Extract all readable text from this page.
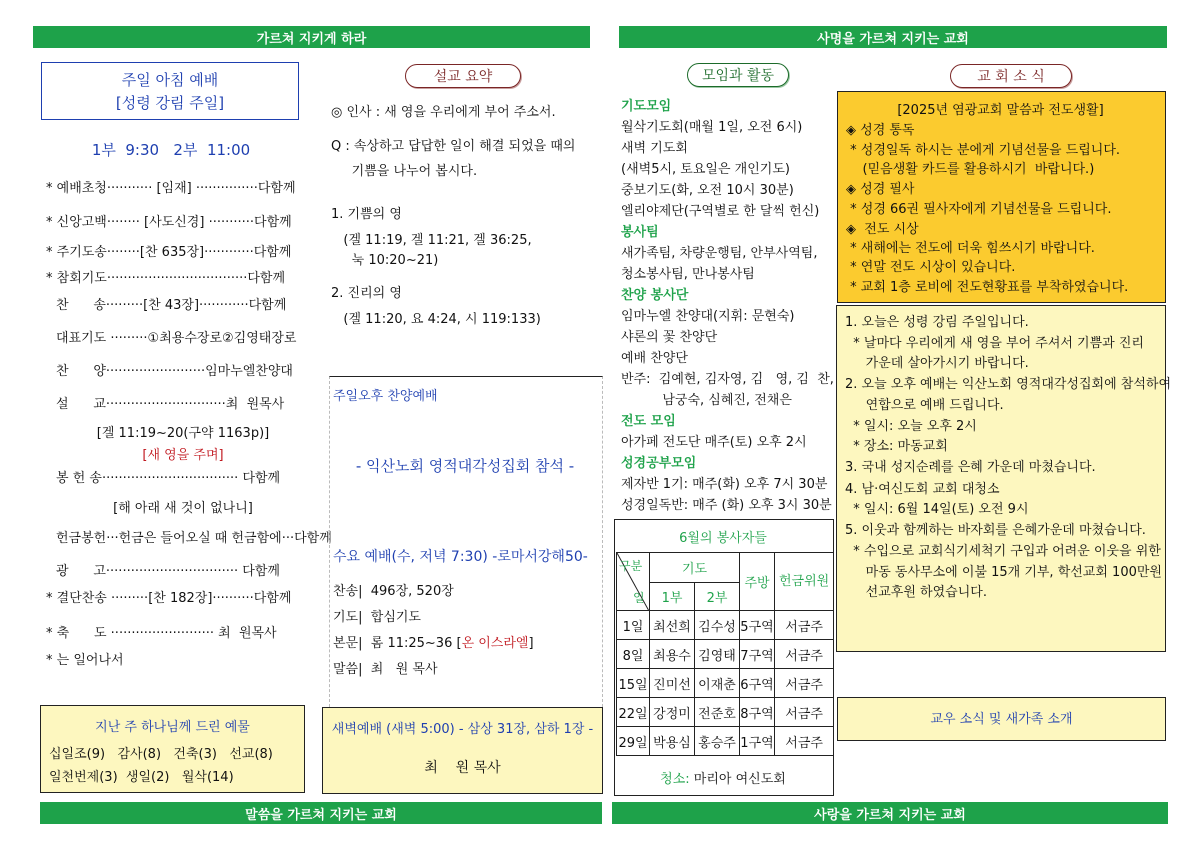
가르쳐 지키게 하라	사명을 가르쳐 지키는 교회
말씀을 가르쳐 지키는 교회	사랑을 가르쳐 지키는 교회
주일 아침 예배
[성령 강림 주일]
1부  9:30   2부  11:00
* 예배초청··········· [임재] ···············다함께
* 신앙고백········ [사도신경] ···········다함께
* 주기도송········[찬 635장]············다함께
* 참회기도··································다함께
찬      송·········[찬 43장]············다함께
대표기도 ·········①최용수장로②김영태장로
찬      양························임마누엘찬양대
설      교·····························최  원목사
[겔 11:19~20(구약 1163p)]
[새 영을 주며]
봉 헌 송································· 다함께
[해 아래 새 것이 없나니]
헌금봉헌···헌금은 들어오실 때 헌금함에···다함께
광      고································ 다함께
* 결단찬송 ·········[찬 182장]··········다함께
* 축      도 ························· 최  원목사
* 는 일어나서
지난 주 하나님께 드린 예물
십일조(9)   감사(8)   건축(3)   선교(8)
일천번제(3)  생일(2)   월삭(14)
설교 요약
◎ 인사 : 새 영을 우리에게 부어 주소서.
Q : 속상하고 답답한 일이 해결 되었을 때의
기쁨을 나누어 봅시다.
1. 기쁨의 영
(겔 11:19, 겔 11:21, 겔 36:25,
눅 10:20~21)
2. 진리의 영
(겔 11:20, 요 4:24, 시 119:133)
주일오후 찬양예배
- 익산노회 영적대각성집회 참석 -
수요 예배(수, 저녁 7:30) -로마서강해50-
찬송|  496장, 520장
기도|  합심기도
본문|  롬 11:25~36 [온 이스라엘]
말씀|  최   원 목사
새벽예배 (새벽 5:00) - 삼상 31장, 삼하 1장 -
최    원 목사
모임과 활동
기도모임
월삭기도회(매월 1일, 오전 6시)
새벽 기도회
(새벽5시, 토요일은 개인기도)
중보기도(화, 오전 10시 30분)
엘리야제단(구역별로 한 달씩 헌신)
봉사팀
새가족팀, 차량운행팀, 안부사역팀,
청소봉사팀, 만나봉사팀
찬양 봉사단
임마누엘 찬양대(지휘: 문현숙)
샤론의 꽃 찬양단
예배 찬양단
반주:  김예현, 김자영, 김   영, 김  찬,
남궁숙, 심혜진, 전채은
전도 모임
아가페 전도단 매주(토) 오후 2시
성경공부모임
제자반 1기: 매주(화) 오후 7시 30분
성경일독반: 매주 (화) 오후 3시 30분
6월의 봉사자들
구분
일	기도		주방	헌금위원
	1부	2부		
1일	최선희	김수성	5구역	서금주
8일	최용수	김영태	7구역	서금주
15일	진미선	이재춘	6구역	서금주
22일	강정미	전준호	8구역	서금주
29일	박용심	홍승주	1구역	서금주
청소: 마리아 여신도회
교 회 소 식
[2025년 염광교회 말씀과 전도생활]
◈ 성경 통독
* 성경일독 하시는 분에게 기념선물을 드립니다.
(믿음생활 카드를 활용하시기  바랍니다.)
◈ 성경 필사
* 성경 66권 필사자에게 기념선물을 드립니다.
◈  전도 시상
* 새해에는 전도에 더욱 힘쓰시기 바랍니다.
* 연말 전도 시상이 있습니다.
* 교회 1층 로비에 전도현황표를 부착하였습니다.
1. 오늘은 성령 강림 주일입니다.
* 날마다 우리에게 새 영을 부어 주셔서 기쁨과 진리
가운데 살아가시기 바랍니다.
2. 오늘 오후 예배는 익산노회 영적대각성집회에 참석하여
연합으로 예배 드립니다.
* 일시: 오늘 오후 2시
* 장소: 마동교회
3. 국내 성지순례를 은혜 가운데 마쳤습니다.
4. 남·여신도회 교회 대청소
* 일시: 6월 14일(토) 오전 9시
5. 이웃과 함께하는 바자회를 은혜가운데 마쳤습니다.
* 수입으로 교회식기세척기 구입과 어려운 이웃을 위한
마동 동사무소에 이불 15개 기부, 학선교회 100만원
선교후원 하였습니다.
교우 소식 및 새가족 소개
